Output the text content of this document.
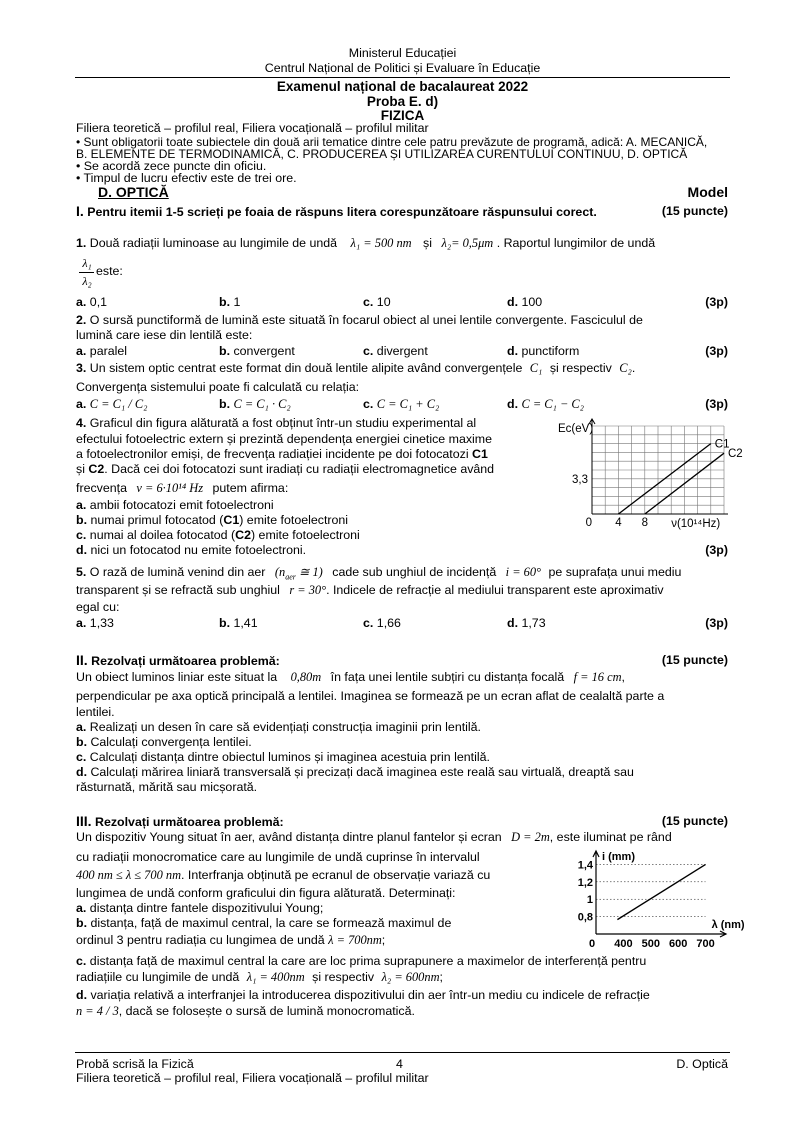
Ministerul Educației
Centrul Național de Politici și Evaluare în Educație
Examenul național de bacalaureat 2022
Proba E. d)
FIZICA
Filiera teoretică – profilul real, Filiera vocațională – profilul militar
• Sunt obligatorii toate subiectele din două arii tematice dintre cele patru prevăzute de programă, adică: A. MECANICĂ,
B. ELEMENTE DE TERMODINAMICĂ, C. PRODUCEREA ȘI UTILIZAREA CURENTULUI CONTINUU, D. OPTICĂ
• Se acordă zece puncte din oficiu.
• Timpul de lucru efectiv este de trei ore.
D. OPTICĂ	Model
I. Pentru itemii 1-5 scrieți pe foaia de răspuns litera corespunzătoare răspunsului corect.	(15 puncte)
1. Două radiații luminoase au lungimile de undă λ₁ = 500 nm și λ₂= 0,5μm . Raportul lungimilor de undă
λ₁
λ₂
este:
a. 0,1	b. 1	c. 10	d. 100	(3p)
2. O sursă punctiformă de lumină este situată în focarul obiect al unei lentile convergente. Fasciculul de
lumină care iese din lentilă este:
a. paralel	b. convergent	c. divergent	d. punctiform	(3p)
3. Un sistem optic centrat este format din două lentile alipite având convergențele C₁ și respectiv C₂.
Convergența sistemului poate fi calculată cu relația:
a. C = C₁ / C₂	b. C = C₁ · C₂	c. C = C₁ + C₂	d. C = C₁ − C₂	(3p)
4. Graficul din figura alăturată a fost obținut într-un studiu experimental al
efectului fotoelectric extern și prezintă dependența energiei cinetice maxime
a fotoelectronilor emiși, de frecvența radiației incidente pe doi fotocatozi C1
și C2. Dacă cei doi fotocatozi sunt iradiați cu radiații electromagnetice având
frecvența ν = 6·10¹⁴ Hz putem afirma:
a. ambii fotocatozi emit fotoelectroni
b. numai primul fotocatod (C1) emite fotoelectroni
c. numai al doilea fotocatod (C2) emite fotoelectroni
d. nici un fotocatod nu emite fotoelectroni.	(3p)
C1
C2
Ec(eV)
3,3
0 4 8 ν(10¹⁴Hz)
5. O rază de lumină venind din aer ($n_{aer}$ ≅ 1) cade sub unghiul de incidență i = 60° pe suprafața unui mediu
transparent și se refractă sub unghiul r = 30°. Indicele de refracție al mediului transparent este aproximativ
egal cu:
a. 1,33	b. 1,41	c. 1,66	d. 1,73	(3p)
II. Rezolvați următoarea problemă:	(15 puncte)
Un obiect luminos liniar este situat la 0,80m în fața unei lentile subțiri cu distanța focală f = 16 cm,
perpendicular pe axa optică principală a lentilei. Imaginea se formează pe un ecran aflat de cealaltă parte a
lentilei.
a. Realizați un desen în care să evidențiați construcția imaginii prin lentilă.
b. Calculați convergența lentilei.
c. Calculați distanța dintre obiectul luminos și imaginea acestuia prin lentilă.
d. Calculați mărirea liniară transversală și precizați dacă imaginea este reală sau virtuală, dreaptă sau
răsturnată, mărită sau micșorată.
III. Rezolvați următoarea problemă:	(15 puncte)
Un dispozitiv Young situat în aer, având distanța dintre planul fantelor și ecran D = 2m, este iluminat pe rând
cu radiații monocromatice care au lungimile de undă cuprinse în intervalul
400 nm ≤ λ ≤ 700 nm. Interfranja obținută pe ecranul de observație variază cu
lungimea de undă conform graficului din figura alăturată. Determinați:
a. distanța dintre fantele dispozitivului Young;
b. distanța, față de maximul central, la care se formează maximul de
ordinul 3 pentru radiația cu lungimea de undă λ = 700nm;
c. distanța față de maximul central la care are loc prima suprapunere a maximelor de interferență pentru
radiațiile cu lungimile de undă λ₁ = 400nm și respectiv λ₂ = 600nm;
d. variația relativă a interfranjei la introducerea dispozitivului din aer într-un mediu cu indicele de refracție
n = 4 / 3, dacă se folosește o sursă de lumină monocromatică.
0,8
1
1,2
1,4
0 400 500 600 700
i (mm)
λ (nm)
Probă scrisă la Fizică	4	D. Optică
Filiera teoretică – profilul real, Filiera vocațională – profilul militar
